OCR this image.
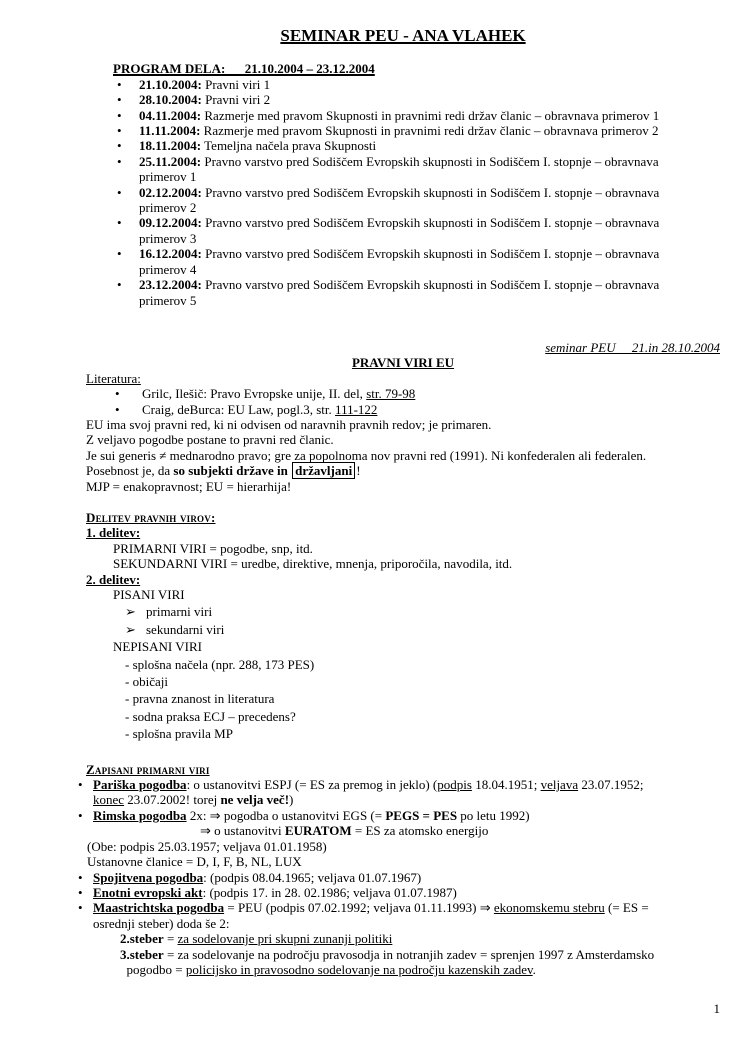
SEMINAR PEU - ANA VLAHEK
PROGRAM DELA:      21.10.2004 – 23.12.2004
•	21.10.2004: Pravni viri 1
•	28.10.2004: Pravni viri 2
•	04.11.2004: Razmerje med pravom Skupnosti in pravnimi redi držav članic – obravnava primerov 1
•	11.11.2004: Razmerje med pravom Skupnosti in pravnimi redi držav članic – obravnava primerov 2
•	18.11.2004: Temeljna načela prava Skupnosti
•	25.11.2004: Pravno varstvo pred Sodiščem Evropskih skupnosti in Sodiščem I. stopnje – obravnava
primerov 1
•	02.12.2004: Pravno varstvo pred Sodiščem Evropskih skupnosti in Sodiščem I. stopnje – obravnava
primerov 2
•	09.12.2004: Pravno varstvo pred Sodiščem Evropskih skupnosti in Sodiščem I. stopnje – obravnava
primerov 3
•	16.12.2004: Pravno varstvo pred Sodiščem Evropskih skupnosti in Sodiščem I. stopnje – obravnava
primerov 4
•	23.12.2004: Pravno varstvo pred Sodiščem Evropskih skupnosti in Sodiščem I. stopnje – obravnava
primerov 5
seminar PEU     21.in 28.10.2004
PRAVNI VIRI EU
Literatura:
•	Grilc, Ilešič: Pravo Evropske unije, II. del, str. 79-98
•	Craig, deBurca: EU Law, pogl.3, str. 111-122
EU ima svoj pravni red, ki ni odvisen od naravnih pravnih redov; je primaren.
Z veljavo pogodbe postane to pravni red članic.
Je sui generis ≠ mednarodno pravo; gre za popolnoma nov pravni red (1991). Ni konfederalen ali federalen.
Posebnost je, da so subjekti države in državljani !
MJP = enakopravnost; EU = hierarhija!
Delitev pravnih virov:
1. delitev:
PRIMARNI VIRI = pogodbe, snp, itd.
SEKUNDARNI VIRI = uredbe, direktive, mnenja, priporočila, navodila, itd.
2. delitev:
PISANI VIRI
➢ primarni viri
➢ sekundarni viri
NEPISANI VIRI
- splošna načela (npr. 288, 173 PES)
- običaji
- pravna znanost in literatura
- sodna praksa ECJ – precedens?
- splošna pravila MP
Zapisani primarni viri
• Pariška pogodba: o ustanovitvi ESPJ (= ES za premog in jeklo) (podpis 18.04.1951; veljava 23.07.1952;
konec 23.07.2002! torej ne velja več!)
• Rimska pogodba 2x: ⇒ pogodba o ustanovitvi EGS (= PEGS = PES po letu 1992)
⇒ o ustanovitvi EURATOM = ES za atomsko energijo
(Obe: podpis 25.03.1957; veljava 01.01.1958)
Ustanovne članice = D, I, F, B, NL, LUX
• Spojitvena pogodba: (podpis 08.04.1965; veljava 01.07.1967)
• Enotni evropski akt: (podpis 17. in 28. 02.1986; veljava 01.07.1987)
• Maastrichtska pogodba = PEU (podpis 07.02.1992; veljava 01.11.1993) ⇒ ekonomskemu stebru (= ES =
osrednji steber) doda še 2:
2.steber = za sodelovanje pri skupni zunanji politiki
3.steber = za sodelovanje na področju pravosodja in notranjih zadev = sprenjen 1997 z Amsterdamsko
pogodbo = policijsko in pravosodno sodelovanje na področju kazenskih zadev.
1
